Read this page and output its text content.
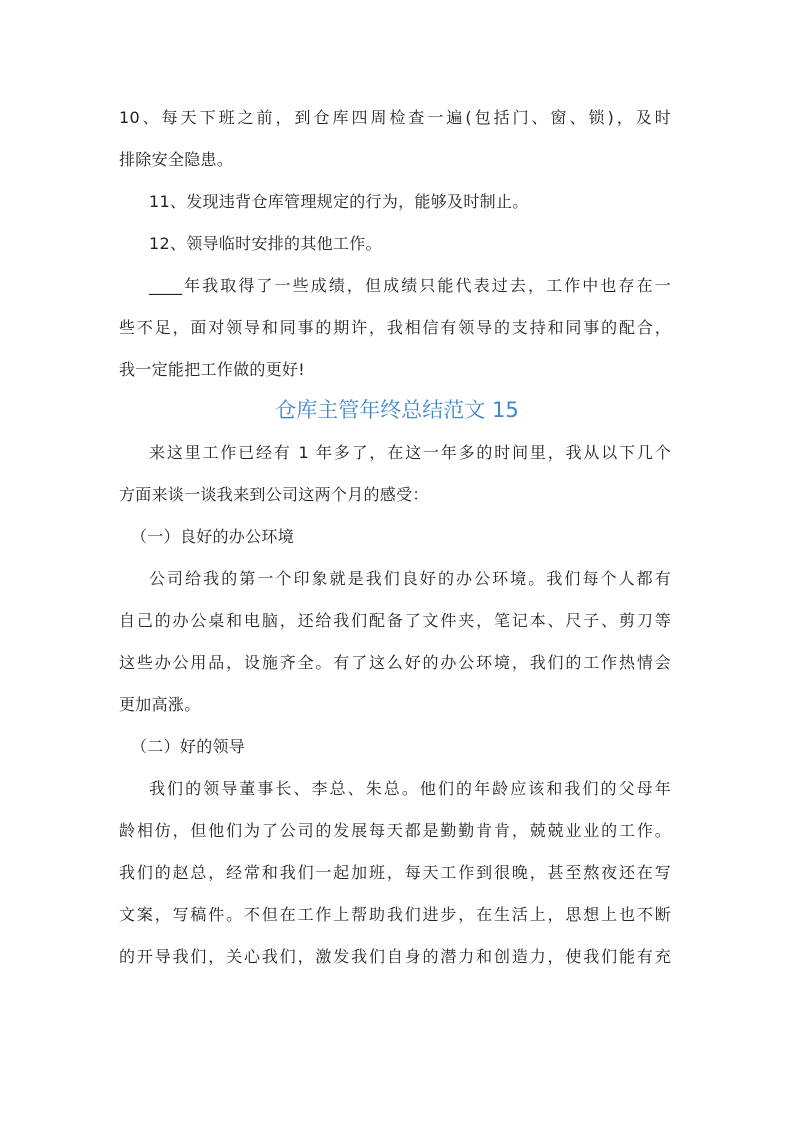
10、每天下班之前，到仓库四周检查一遍(包括门、窗、锁)，及时
排除安全隐患。
11、发现违背仓库管理规定的行为，能够及时制止。
12、领导临时安排的其他工作。
____年我取得了一些成绩，但成绩只能代表过去，工作中也存在一
些不足，面对领导和同事的期许，我相信有领导的支持和同事的配合，
我一定能把工作做的更好!
仓库主管年终总结范文 15
来这里工作已经有 1 年多了，在这一年多的时间里，我从以下几个
方面来谈一谈我来到公司这两个月的感受：
（一）良好的办公环境
公司给我的第一个印象就是我们良好的办公环境。我们每个人都有
自己的办公桌和电脑，还给我们配备了文件夹，笔记本、尺子、剪刀等
这些办公用品，设施齐全。有了这么好的办公环境，我们的工作热情会
更加高涨。
（二）好的领导
我们的领导董事长、李总、朱总。他们的年龄应该和我们的父母年
龄相仿，但他们为了公司的发展每天都是勤勤肯肯，兢兢业业的工作。
我们的赵总，经常和我们一起加班，每天工作到很晚，甚至熬夜还在写
文案，写稿件。不但在工作上帮助我们进步，在生活上，思想上也不断
的开导我们，关心我们，激发我们自身的潜力和创造力，使我们能有充
